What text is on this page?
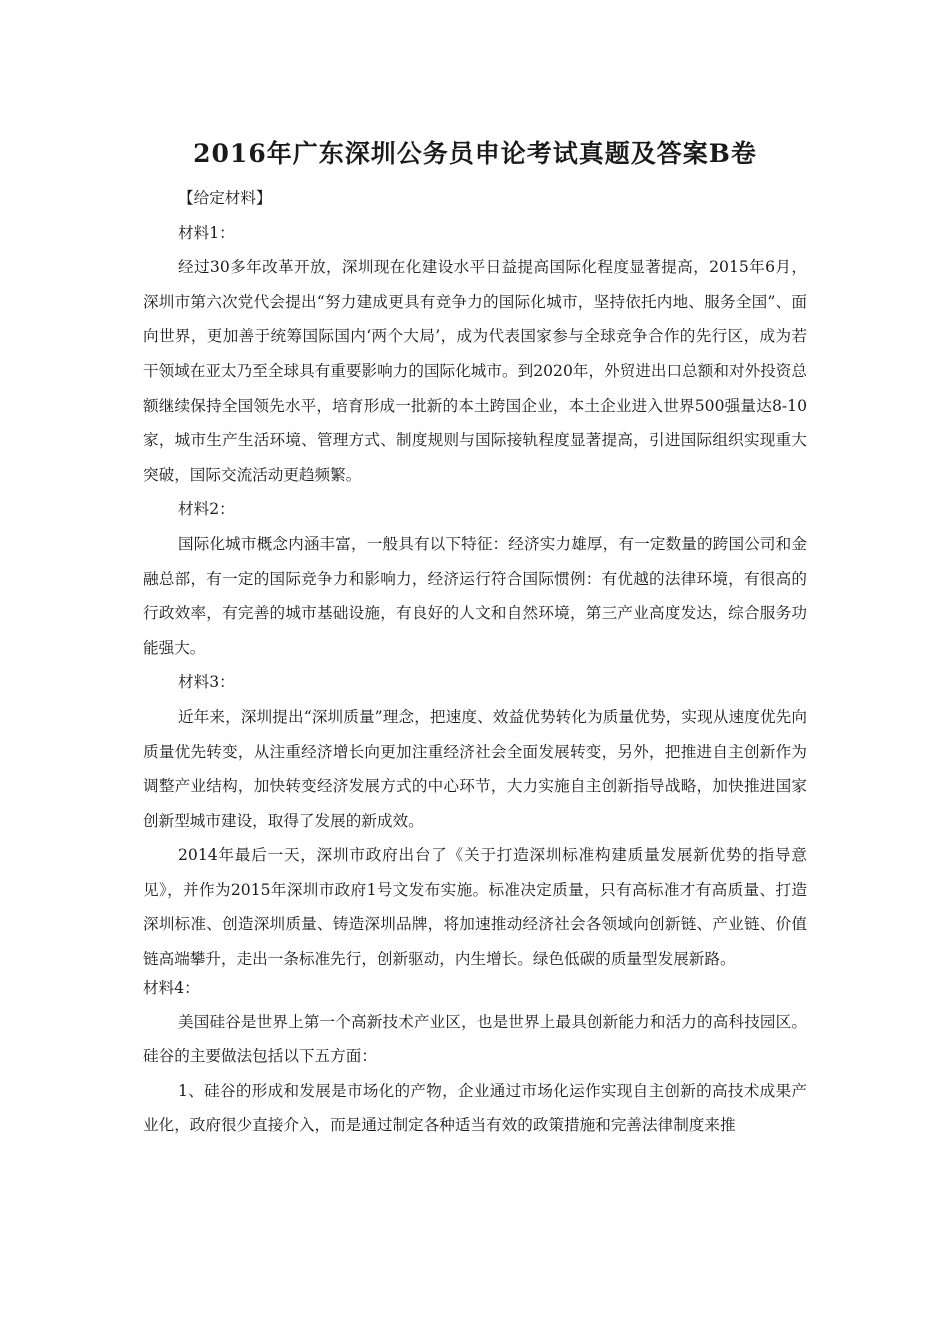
2016年广东深圳公务员申论考试真题及答案B卷

【给定材料】

材料1：

经过30多年改革开放，深圳现在化建设水平日益提高国际化程度显著提高，2015年6月，深圳市第六次党代会提出“努力建成更具有竞争力的国际化城市，坚持依托内地、服务全国”、面向世界，更加善于统筹国际国内‘两个大局’，成为代表国家参与全球竞争合作的先行区，成为若干领域在亚太乃至全球具有重要影响力的国际化城市。到2020年，外贸进出口总额和对外投资总额继续保持全国领先水平，培育形成一批新的本土跨国企业，本土企业进入世界500强量达8-10家，城市生产生活环境、管理方式、制度规则与国际接轨程度显著提高，引进国际组织实现重大突破，国际交流活动更趋频繁。

材料2：

国际化城市概念内涵丰富，一般具有以下特征：经济实力雄厚，有一定数量的跨国公司和金融总部，有一定的国际竞争力和影响力，经济运行符合国际惯例：有优越的法律环境，有很高的行政效率，有完善的城市基础设施，有良好的人文和自然环境，第三产业高度发达，综合服务功能强大。

材料3：

近年来，深圳提出“深圳质量”理念，把速度、效益优势转化为质量优势，实现从速度优先向质量优先转变，从注重经济增长向更加注重经济社会全面发展转变，另外，把推进自主创新作为调整产业结构，加快转变经济发展方式的中心环节，大力实施自主创新指导战略，加快推进国家创新型城市建设，取得了发展的新成效。

2014年最后一天，深圳市政府出台了《关于打造深圳标准构建质量发展新优势的指导意见》，并作为2015年深圳市政府1号文发布实施。标准决定质量，只有高标准才有高质量、打造深圳标准、创造深圳质量、铸造深圳品牌，将加速推动经济社会各领域向创新链、产业链、价值链高端攀升，走出一条标准先行，创新驱动，内生增长。绿色低碳的质量型发展新路。

材料4：

美国硅谷是世界上第一个高新技术产业区，也是世界上最具创新能力和活力的高科技园区。硅谷的主要做法包括以下五方面：

1、硅谷的形成和发展是市场化的产物，企业通过市场化运作实现自主创新的高技术成果产业化，政府很少直接介入，而是通过制定各种适当有效的政策措施和完善法律制度来推
